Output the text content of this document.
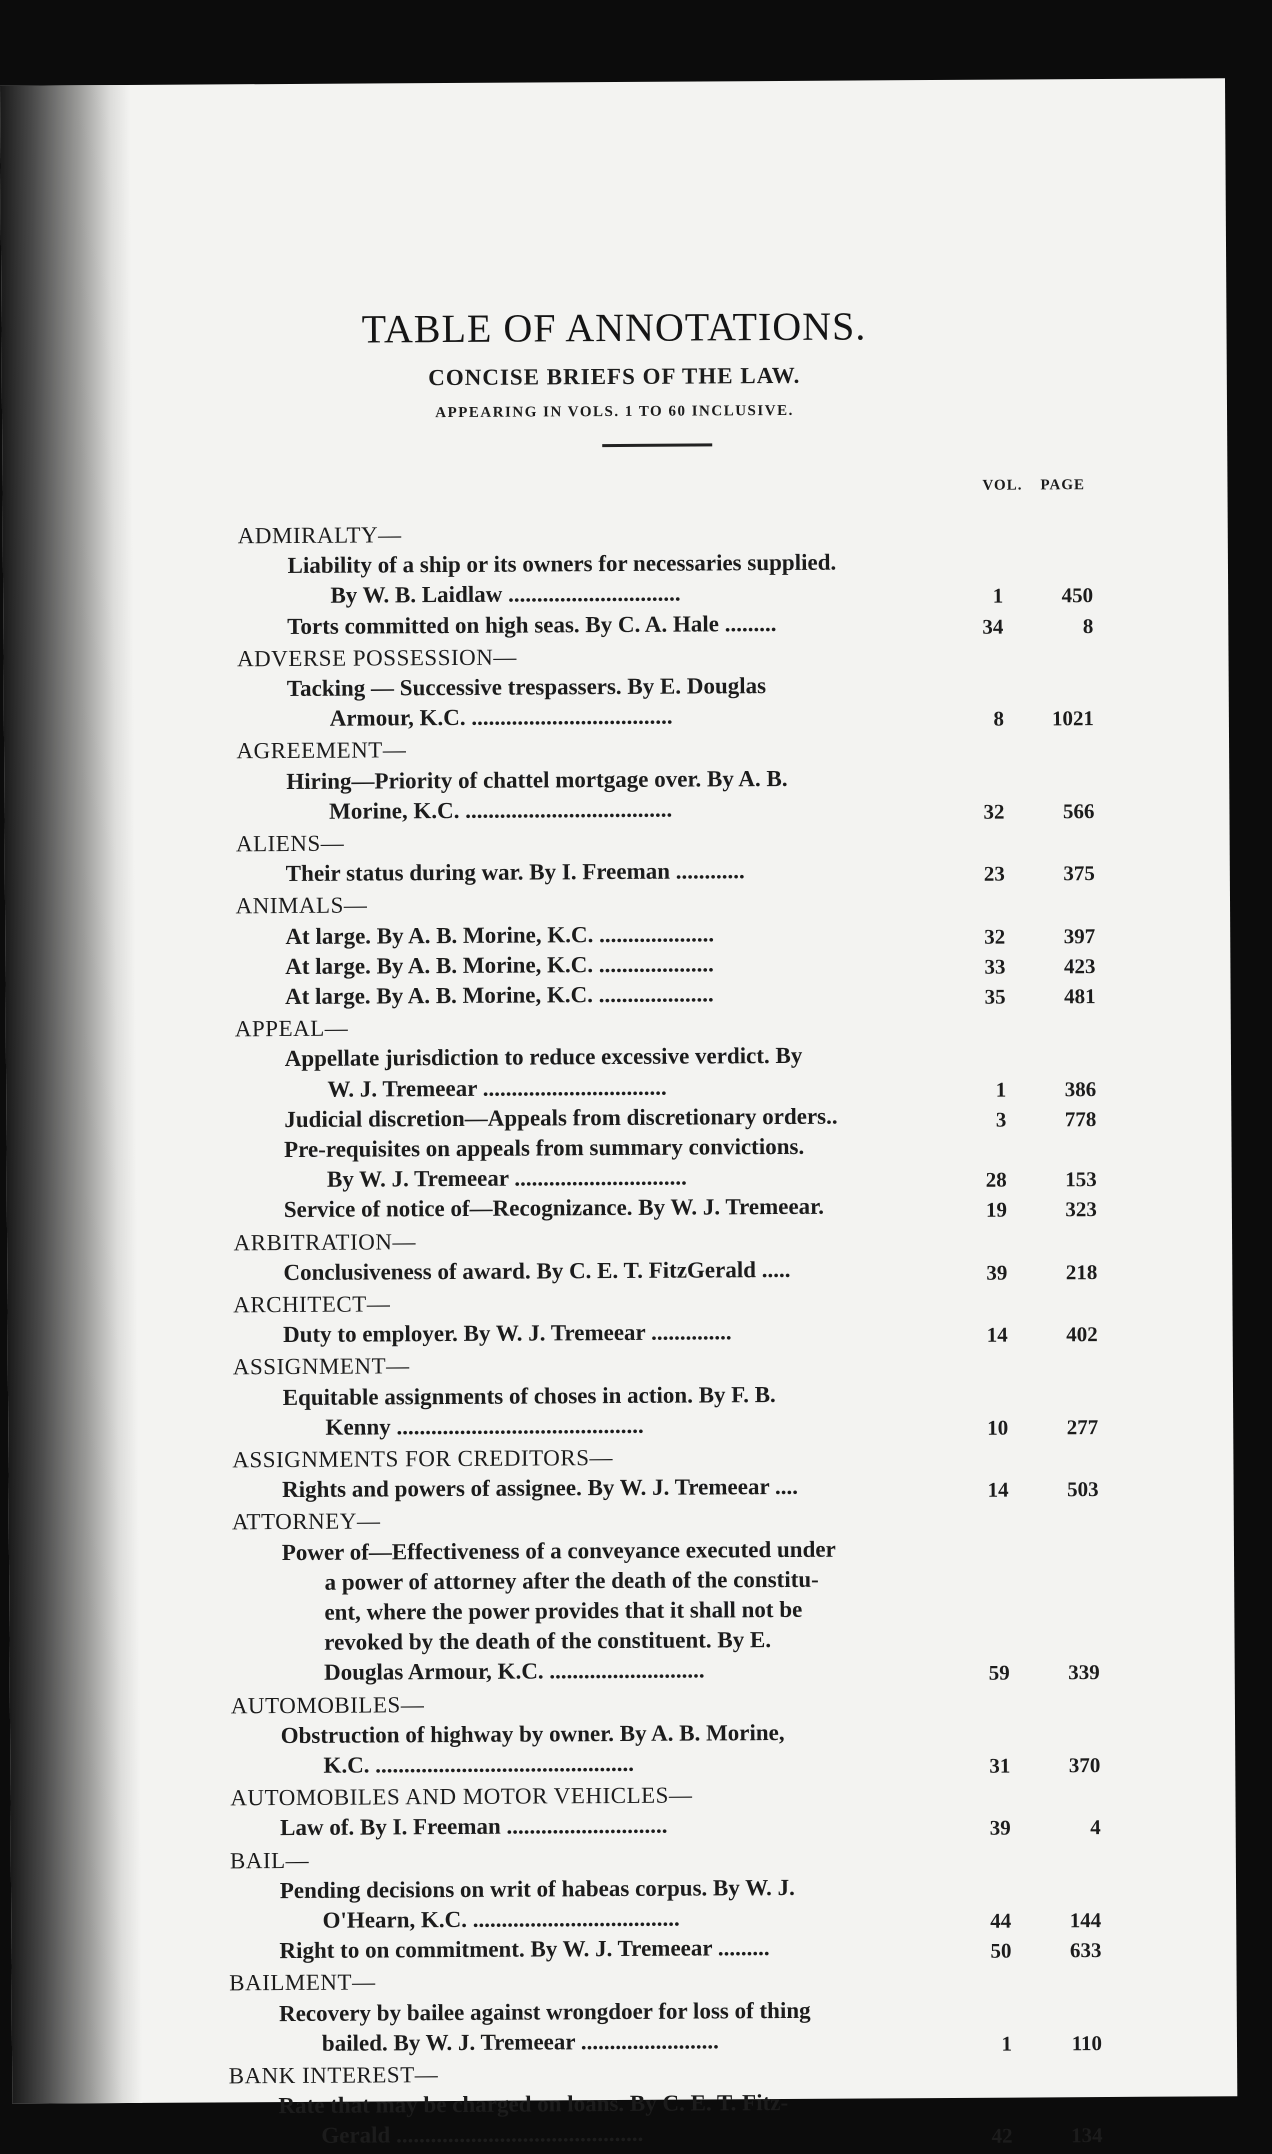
TABLE OF ANNOTATIONS.
CONCISE BRIEFS OF THE LAW.
APPEARING IN VOLS. 1 TO 60 INCLUSIVE.
VOL. PAGE
ADMIRALTY—
Liability of a ship or its owners for necessaries supplied.
By W. B. Laidlaw ..............................	1	450
Torts committed on high seas. By C. A. Hale .........	34	8
ADVERSE POSSESSION—
Tacking — Successive trespassers. By E. Douglas
Armour, K.C. ...................................	8	1021
AGREEMENT—
Hiring—Priority of chattel mortgage over. By A. B.
Morine, K.C. ....................................	32	566
ALIENS—
Their status during war. By I. Freeman ............	23	375
ANIMALS—
At large. By A. B. Morine, K.C. ....................	32	397
At large. By A. B. Morine, K.C. ....................	33	423
At large. By A. B. Morine, K.C. ....................	35	481
APPEAL—
Appellate jurisdiction to reduce excessive verdict. By
W. J. Tremeear ................................	1	386
Judicial discretion—Appeals from discretionary orders..	3	778
Pre-requisites on appeals from summary convictions.
By W. J. Tremeear ..............................	28	153
Service of notice of—Recognizance. By W. J. Tremeear.	19	323
ARBITRATION—
Conclusiveness of award. By C. E. T. FitzGerald .....	39	218
ARCHITECT—
Duty to employer. By W. J. Tremeear ..............	14	402
ASSIGNMENT—
Equitable assignments of choses in action. By F. B.
Kenny ...........................................	10	277
ASSIGNMENTS FOR CREDITORS—
Rights and powers of assignee. By W. J. Tremeear ....	14	503
ATTORNEY—
Power of—Effectiveness of a conveyance executed under
a power of attorney after the death of the constitu-
ent, where the power provides that it shall not be
revoked by the death of the constituent. By E.
Douglas Armour, K.C. ...........................	59	339
AUTOMOBILES—
Obstruction of highway by owner. By A. B. Morine,
K.C. .............................................	31	370
AUTOMOBILES AND MOTOR VEHICLES—
Law of. By I. Freeman ............................	39	4
BAIL—
Pending decisions on writ of habeas corpus. By W. J.
O'Hearn, K.C. ....................................	44	144
Right to on commitment. By W. J. Tremeear .........	50	633
BAILMENT—
Recovery by bailee against wrongdoer for loss of thing
bailed. By W. J. Tremeear ........................	1	110
BANK INTEREST—
Rate that may be charged on loans. By C. E. T. Fitz-
Gerald ...........................................	42	134
